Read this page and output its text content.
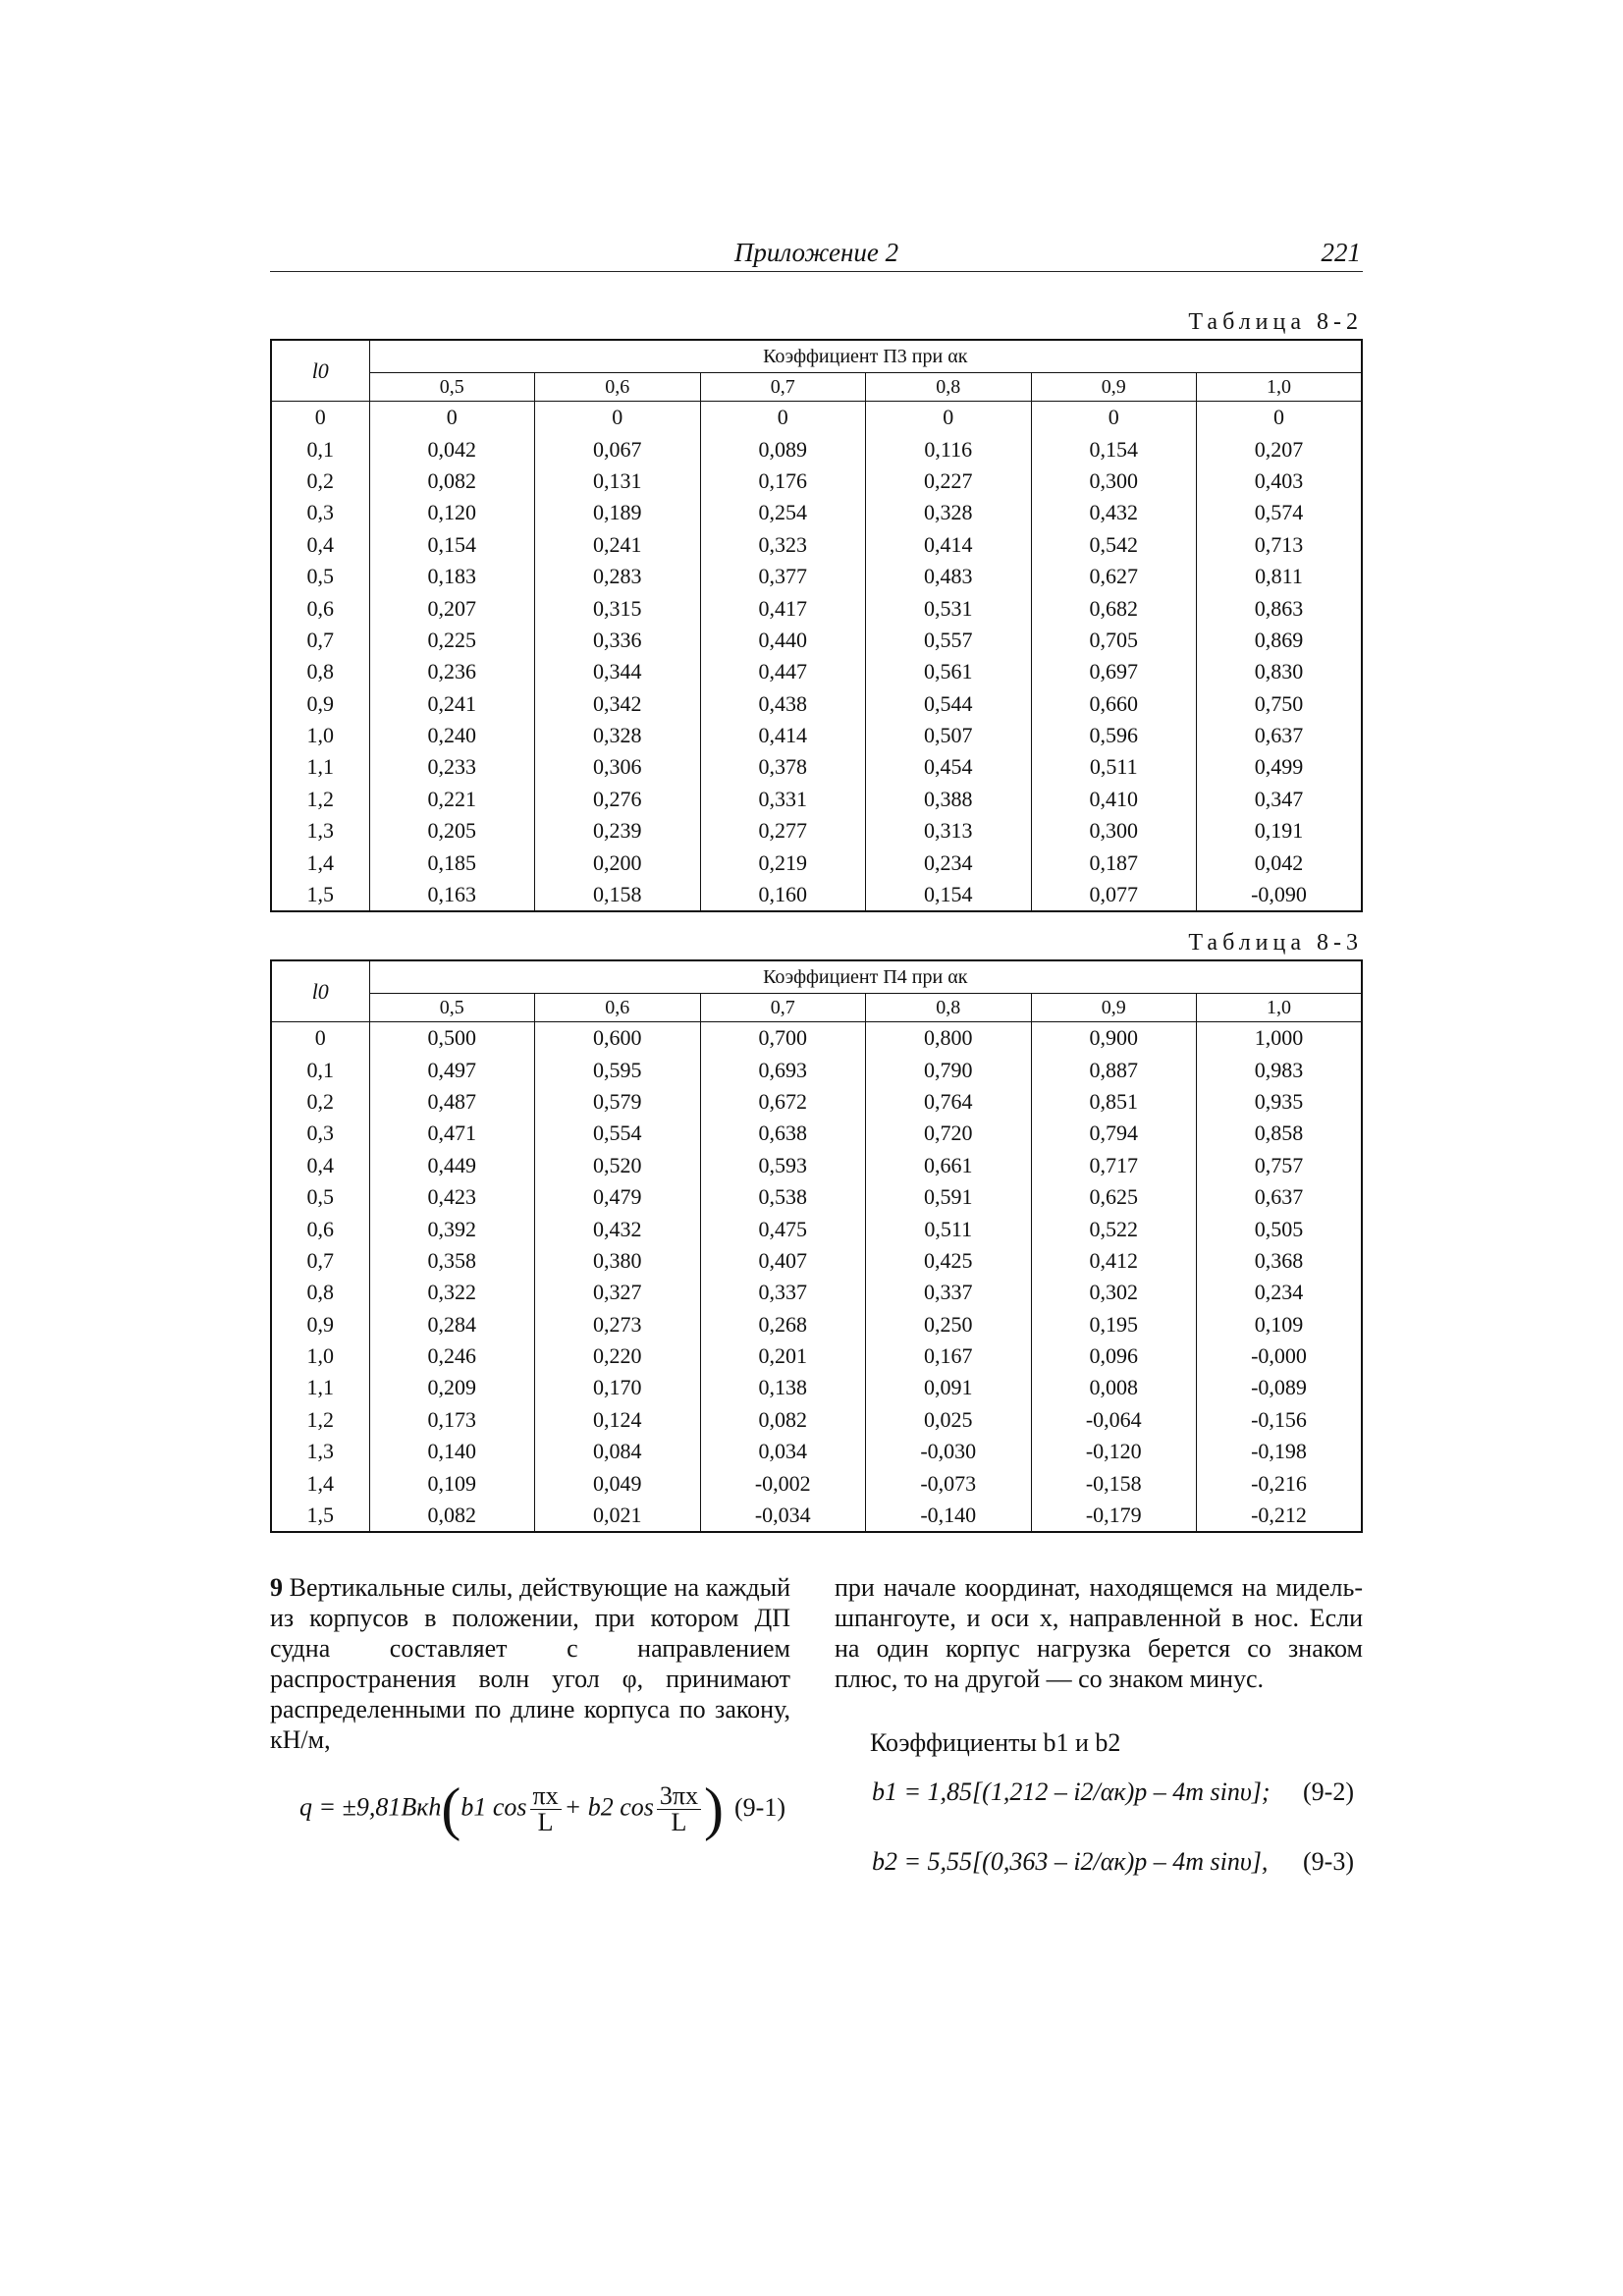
Приложение 2	221
Таблица 8-2
l0	Коэффициент П3 при αк					
	0,5	0,6	0,7	0,8	0,9	1,0
0	0	0	0	0	0	0
0,1	0,042	0,067	0,089	0,116	0,154	0,207
0,2	0,082	0,131	0,176	0,227	0,300	0,403
0,3	0,120	0,189	0,254	0,328	0,432	0,574
0,4	0,154	0,241	0,323	0,414	0,542	0,713
0,5	0,183	0,283	0,377	0,483	0,627	0,811
0,6	0,207	0,315	0,417	0,531	0,682	0,863
0,7	0,225	0,336	0,440	0,557	0,705	0,869
0,8	0,236	0,344	0,447	0,561	0,697	0,830
0,9	0,241	0,342	0,438	0,544	0,660	0,750
1,0	0,240	0,328	0,414	0,507	0,596	0,637
1,1	0,233	0,306	0,378	0,454	0,511	0,499
1,2	0,221	0,276	0,331	0,388	0,410	0,347
1,3	0,205	0,239	0,277	0,313	0,300	0,191
1,4	0,185	0,200	0,219	0,234	0,187	0,042
1,5	0,163	0,158	0,160	0,154	0,077	-0,090
Таблица 8-3
l0	Коэффициент П4 при αк					
	0,5	0,6	0,7	0,8	0,9	1,0
0	0,500	0,600	0,700	0,800	0,900	1,000
0,1	0,497	0,595	0,693	0,790	0,887	0,983
0,2	0,487	0,579	0,672	0,764	0,851	0,935
0,3	0,471	0,554	0,638	0,720	0,794	0,858
0,4	0,449	0,520	0,593	0,661	0,717	0,757
0,5	0,423	0,479	0,538	0,591	0,625	0,637
0,6	0,392	0,432	0,475	0,511	0,522	0,505
0,7	0,358	0,380	0,407	0,425	0,412	0,368
0,8	0,322	0,327	0,337	0,337	0,302	0,234
0,9	0,284	0,273	0,268	0,250	0,195	0,109
1,0	0,246	0,220	0,201	0,167	0,096	-0,000
1,1	0,209	0,170	0,138	0,091	0,008	-0,089
1,2	0,173	0,124	0,082	0,025	-0,064	-0,156
1,3	0,140	0,084	0,034	-0,030	-0,120	-0,198
1,4	0,109	0,049	-0,002	-0,073	-0,158	-0,216
1,5	0,082	0,021	-0,034	-0,140	-0,179	-0,212
9 Вертикальные силы, действующие на каждый из корпусов в положении, при котором ДП судна составляет с направлением распространения волн угол φ, принимают распределенными по длине корпуса по закону, кН/м,
q = ±9,81Bкh(b1 $\cos \frac{\pi x}{L} + b2$ $\cos \frac{3\pi x}{L}$ ) (9-1)
при начале координат, находящемся на мидель-шпангоуте, и оси x, направленной в нос. Если на один корпус нагрузка берется со знаком плюс, то на другой — со знаком минус.
Коэффициенты b1 и b2
b1 = 1,85[(1,212 – i2/αк)p – 4m sinυ]; (9-2)
b2 = 5,55[(0,363 – i2/αк)p – 4m sinυ], (9-3)
